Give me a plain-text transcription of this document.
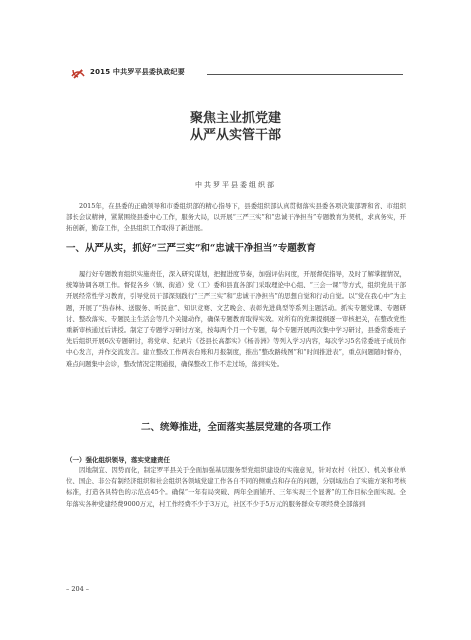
2015 中共罗平县委执政纪要
聚焦主业抓党建
从严从实管干部
中共罗平县委组织部
2015年，在县委的正确领导和市委组织部的精心指导下，县委组织部认真贯彻落实县委各项决策部署和省、市组织部长会议精神，紧紧围绕县委中心工作，服务大局，以开展“三严三实”和“忠诚干净担当”专题教育为契机，求真务实，开拓创新，勤奋工作，全县组织工作取得了新进展。
一、从严从实，抓好“三严三实”和“忠诚干净担当”专题教育
履行好专题教育组织实施责任，深入研究谋划，把握进度节奏，加强评估问度，开展督促指导，及时了解掌握情况，统筹协调各项工作。督促各乡（镇、街道）党（工）委和县直各部门采取理论中心组、“三会一课”等方式，组织党员干部开展经常性学习教育，引导党员干部深刻践行“三严三实”和“忠诚干净担当”的思想自觉和行动自觉。以“党在我心中”为主题，开展了“热春林、送服务、听民意”、知识竞赛、文艺晚会、表彰先进典型等系列主题活动。抓实专题党课、专题研讨、整改落实、专题民主生活会等几个关键动作，确保专题教育取得实效。对所有的党课提纲逐一审核把关，在整改党性重新审核通过后讲授。制定了专题学习研讨方案，按每两个月一个专题，每个专题开展两次集中学习研讨，县委常委班子先后组织开展6次专题研讨，将党章、纪录片《苍县长高都实》《杨善洲》等列入学习内容，每次学习5名常委班子成员作中心发言，并作交流发言。建立整改工作两表台账和月报制度，推出“整改路线图”和“时间推进表”，重点问题随时督办，难点问题集中会诊，整改情况定期通报，确保整改工作不走过场，落到实处。
二、统筹推进，全面落实基层党建的各项工作
（一）强化组织领导，落实党建责任
因地制宜、因势而化，制定罗平县关于全面加强基层服务型党组织建设的实施意见，针对农村（社区）、机关事业单位、国企、非公有制经济组织和社会组织各领域党建工作各自不同的侧重点和存在的问题，分别域出台了实施方案和考核标准，打造各具特色的示范点45个。确保“一年有局突破、两年全面铺开、三年实现三个显著”的工作目标全面实现。全年落实各种党建经费9000万元，村工作经费不少于3万元，社区不少于5万元的服务群众专项经费全部落到
– 204 –
